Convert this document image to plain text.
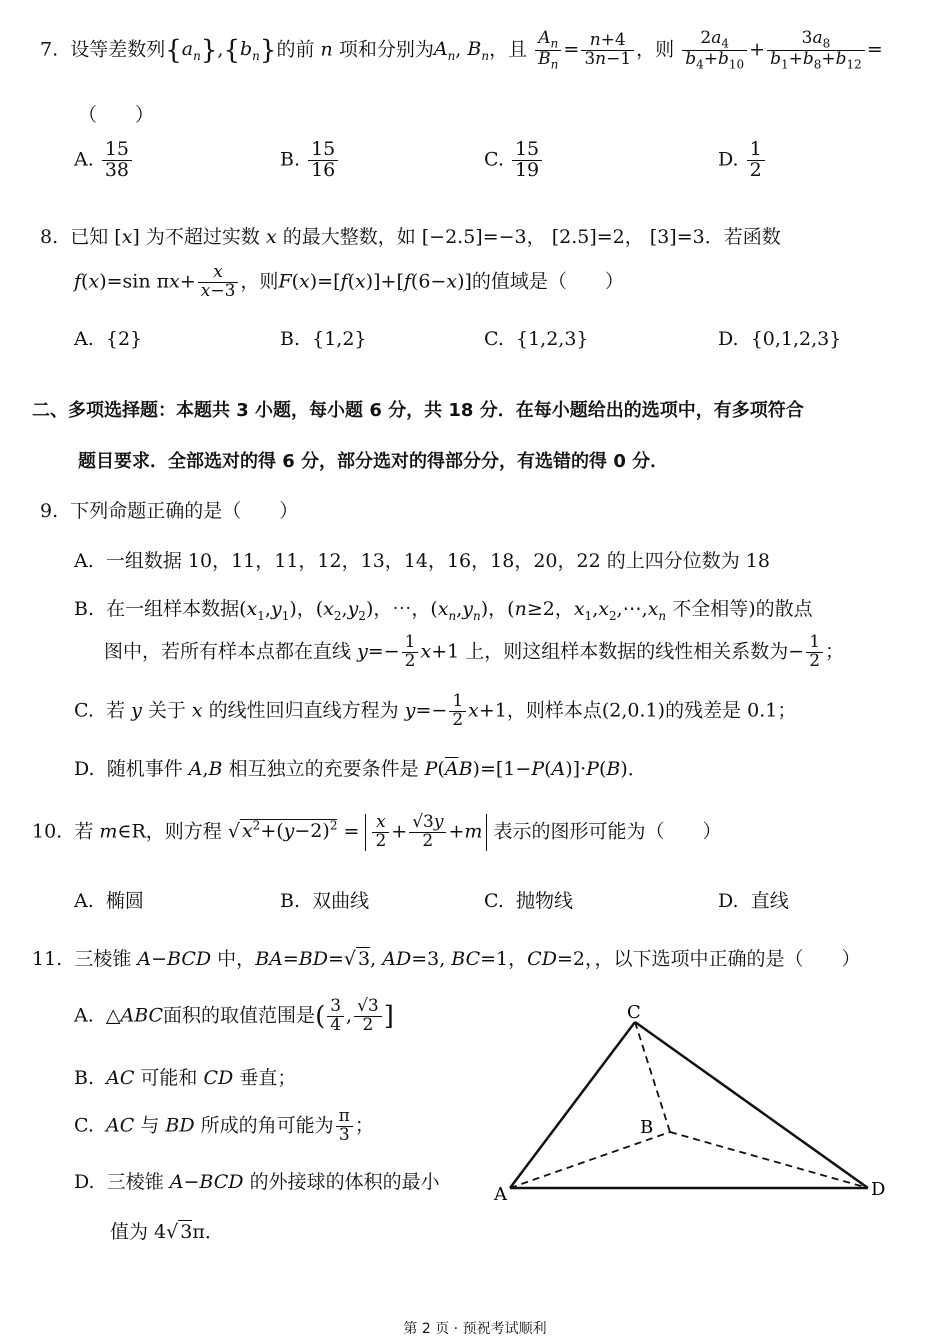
7. 设等差数列$\{a_n\},\{b_n\}$的前 n 项和分别为$A_n$, $B_n$，且 $\frac{A_n}{B_n} = \frac{n+4}{3n-1}$ ，则 $\frac{2a_4}{b_4+b_{10}} + \frac{3a_8}{b_1+b_8+b_{12}}$ =
（　　）
A. $\frac{15}{38}$	B. $\frac{15}{16}$	C. $\frac{15}{19}$	D. $\frac{1}{2}$
8. 已知 [x] 为不超过实数 x 的最大整数，如 [−2.5]=−3， [2.5]=2， [3]=3．若函数
f(x)=sin $\pi x+ \frac{x}{x-3}$ ，则F(x)=[f(x)]+[f(6−x)]的值域是（　　）
A. {2}	B. {1,2}	C. {1,2,3}	D. {0,1,2,3}
二、多项选择题：本题共 3 小题，每小题 6 分，共 18 分．在每小题给出的选项中，有多项符合
题目要求．全部选对的得 6 分，部分选对的得部分分，有选错的得 0 分．
9. 下列命题正确的是（　　）
A. 一组数据 10，11，11，12，13，14，16，18，20，22 的上四分位数为 18
B. 在一组样本数据$(x_1,y_1)$，$(x_2,y_2)$，⋯，$(x_n,y_n)$，(n≥2，$x_1,x_2,\cdots,x_n$ 不全相等)的散点
图中，若所有样本点都在直线 $y=- \frac{1}{2} x+1$ 上，则这组样本数据的线性相关系数为− $\frac{1}{2}$ ；
C. 若 y 关于 x 的线性回归直线方程为 $y=- \frac{1}{2} x+1$，则样本点(2,0.1)的残差是 0.1；
D. 随机事件 A,B 相互独立的充要条件是 $P(\overline{A}B)=[1-P(A)]\cdot P(B)$．
10. 若 m∈R，则方程 √ $x^2+(y-2)^2 = \frac{x}{2} + \frac{√3y}{2} +m$ 表示的图形可能为（　　）
A. 椭圆	B. 双曲线	C. 抛物线	D. 直线
11. 三棱锥 A−BCD 中，BA=BD=√ 3, AD=3, BC=1，CD=2，，以下选项中正确的是（　　）
A.  △ABC面积的取值范围是( $\frac{3}{4}$ , $\frac{√3}{2}$ ]
B. AC 可能和 CD 垂直；
C. AC 与 BD 所成的角可能为 $\frac{\pi}{3}$ ；
D. 三棱锥 A−BCD 的外接球的体积的最小
值为 4√ 3π．
C
B
A	D
第 2 页 · 预祝考试顺利
